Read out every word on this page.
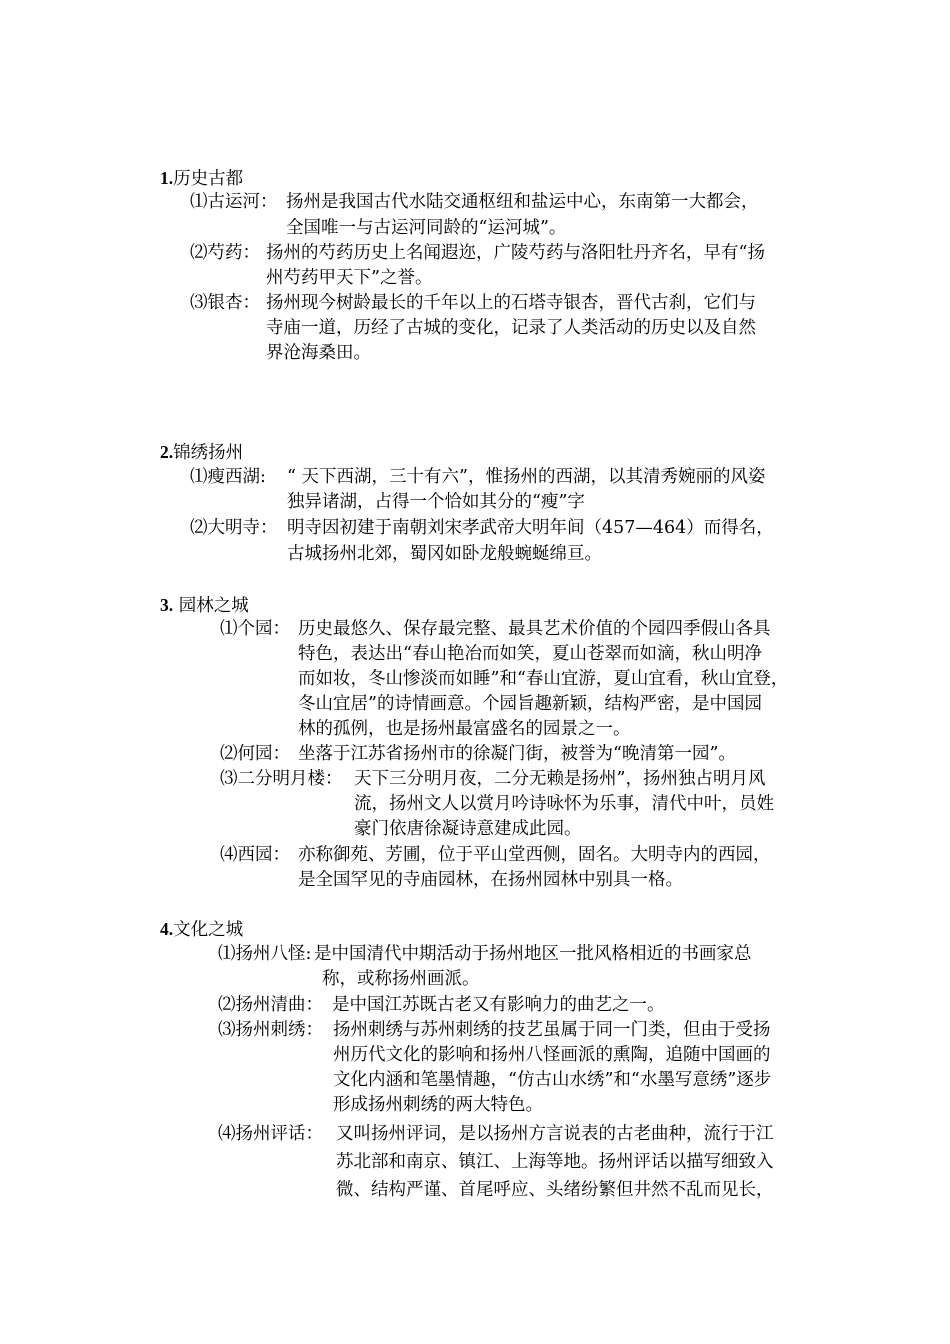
1.历史古都
⑴古运河： 扬州是我国古代水陆交通枢纽和盐运中心，东南第一大都会，
全国唯一与古运河同龄的“运河城”。
⑵芍药： 扬州的芍药历史上名闻遐迩，广陵芍药与洛阳牡丹齐名，早有“扬
州芍药甲天下”之誉。
⑶银杏： 扬州现今树龄最长的千年以上的石塔寺银杏，晋代古刹，它们与
寺庙一道，历经了古城的变化，记录了人类活动的历史以及自然
界沧海桑田。
2.锦绣扬州
⑴瘦西湖: “ 天下西湖，三十有六”，惟扬州的西湖，以其清秀婉丽的风姿
独异诸湖，占得一个恰如其分的“瘦”字
⑵大明寺： 明寺因初建于南朝刘宋孝武帝大明年间（457—464）而得名，
古城扬州北郊，蜀冈如卧龙般蜿蜒绵亘。
3. 园林之城
⑴个园： 历史最悠久、保存最完整、最具艺术价值的个园四季假山各具
特色，表达出“春山艳冶而如笑，夏山苍翠而如滴，秋山明净
而如妆，冬山惨淡而如睡”和“春山宜游，夏山宜看，秋山宜登，
冬山宜居”的诗情画意。个园旨趣新颖，结构严密，是中国园
林的孤例，也是扬州最富盛名的园景之一。
⑵何园： 坐落于江苏省扬州市的徐凝门街，被誉为“晚清第一园”。
⑶二分明月楼： 天下三分明月夜，二分无赖是扬州”，扬州独占明月风
流，扬州文人以赏月吟诗咏怀为乐事，清代中叶，员姓
豪门依唐徐凝诗意建成此园。
⑷西园： 亦称御苑、芳圃，位于平山堂西侧，固名。大明寺内的西园，
是全国罕见的寺庙园林，在扬州园林中别具一格。
4.文化之城
⑴扬州八怪: 是中国清代中期活动于扬州地区一批风格相近的书画家总
称，或称扬州画派。
⑵扬州清曲： 是中国江苏既古老又有影响力的曲艺之一。
⑶扬州刺绣： 扬州刺绣与苏州刺绣的技艺虽属于同一门类，但由于受扬
州历代文化的影响和扬州八怪画派的熏陶，追随中国画的
文化内涵和笔墨情趣，“仿古山水绣”和“水墨写意绣”逐步
形成扬州刺绣的两大特色。
⑷扬州评话： 又叫扬州评词，是以扬州方言说表的古老曲种，流行于江
苏北部和南京、镇江、上海等地。扬州评话以描写细致入
微、结构严谨、首尾呼应、头绪纷繁但井然不乱而见长，
